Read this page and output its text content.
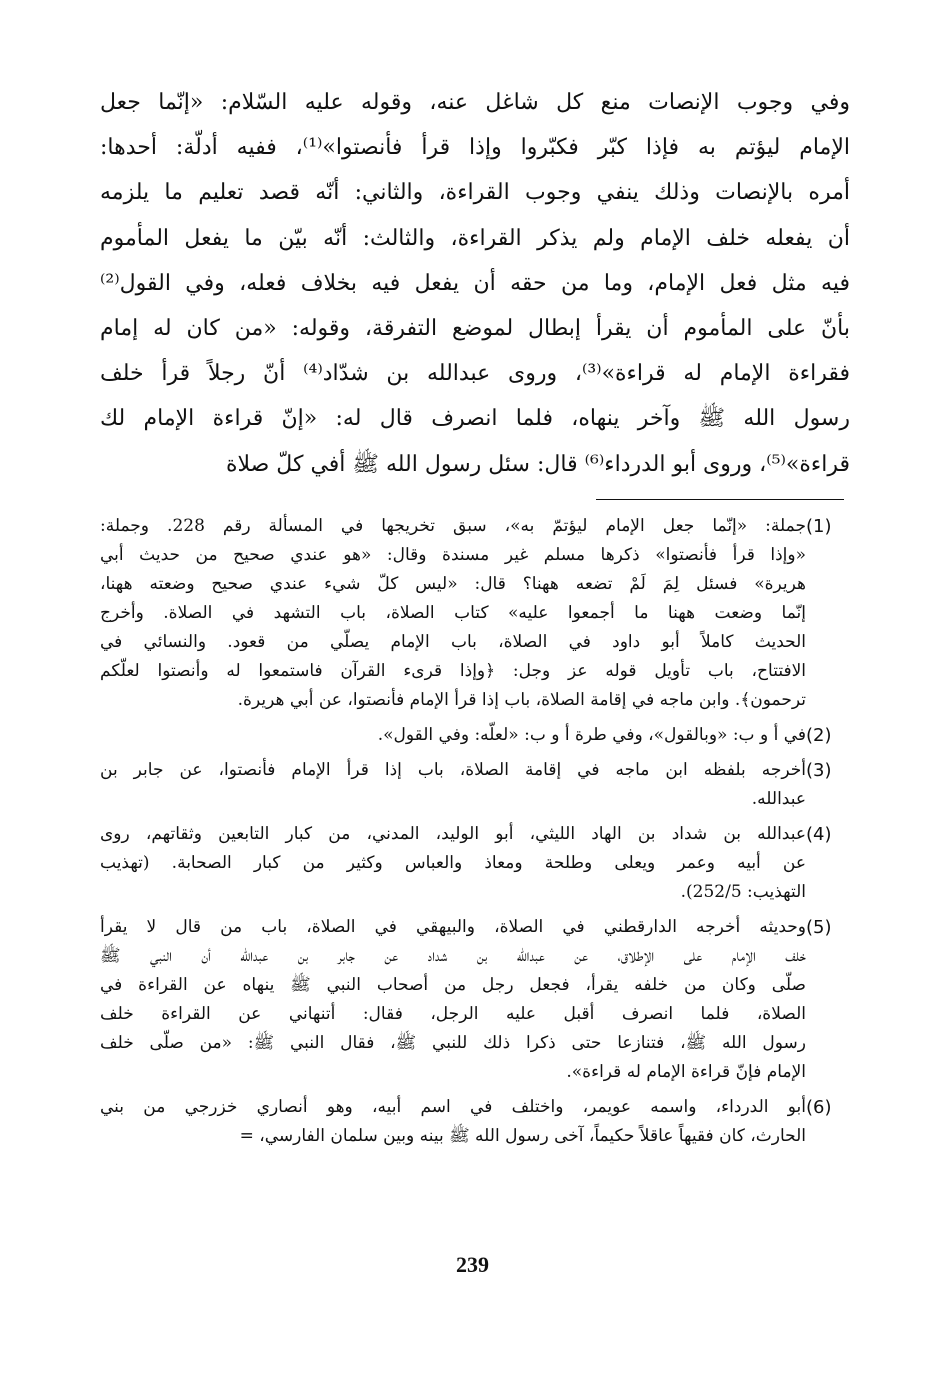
وفي وجوب الإنصات منع كل شاغل عنه، وقوله عليه السّلام: «إنّما جعل
الإمام ليؤتم به فإذا كبّر فكبّروا وإذا قرأ فأنصتوا»⁽¹⁾، ففيه أدلّة: أحدها:
أمره بالإنصات وذلك ينفي وجوب القراءة، والثاني: أنّه قصد تعليم ما يلزمه
أن يفعله خلف الإمام ولم يذكر القراءة، والثالث: أنّه بيّن ما يفعل المأموم
فيه مثل فعل الإمام، وما من حقه أن يفعل فيه بخلاف فعله، وفي القول⁽²⁾
بأنّ على المأموم أن يقرأ إبطال لموضع التفرقة، وقوله: «من كان له إمام
فقراءة الإمام له قراءة»⁽³⁾، وروى عبدالله بن شدّاد⁽⁴⁾ أنّ رجلاً قرأ خلف
رسول الله ﷺ وآخر ينهاه، فلما انصرف قال له: «إنّ قراءة الإمام لك
قراءة»⁽⁵⁾، وروى أبو الدرداء⁽⁶⁾ قال: سئل رسول الله ﷺ أفي كلّ صلاة
(1)
جملة: «إنّما جعل الإمام ليؤتمّ به»، سبق تخريجها في المسألة رقم 228. وجملة:
«وإذا قرأ فأنصتوا» ذكرها مسلم غير مسندة وقال: «هو عندي صحيح من حديث أبي
هريرة» فسئل لِمَ لَمْ تضعه ههنا؟ قال: «ليس كلّ شيء عندي صحيح وضعته ههنا،
إنّما وضعت ههنا ما أجمعوا عليه» كتاب الصلاة، باب التشهد في الصلاة. وأخرج
الحديث كاملاً أبو داود في الصلاة، باب الإمام يصلّي من قعود. والنسائي في
الافتتاح، باب تأويل قوله عز وجل: ﴿وإذا قرىء القرآن فاستمعوا له وأنصتوا لعلّكم
ترحمون﴾. وابن ماجه في إقامة الصلاة، باب إذا قرأ الإمام فأنصتوا، عن أبي هريرة.
(2)
في أ و ب: «وبالقول»، وفي طرة أ و ب: «لعلّه: وفي القول».
(3)
أخرجه بلفظه ابن ماجه في إقامة الصلاة، باب إذا قرأ الإمام فأنصتوا، عن جابر بن
عبدالله.
(4)
عبدالله بن شداد بن الهاد الليثي، أبو الوليد، المدني، من كبار التابعين وثقاتهم، روى
عن أبيه وعمر ويعلى وطلحة ومعاذ والعباس وكثير من كبار الصحابة. (تهذيب
التهذيب: 252/5).
(5)
وحديثه أخرجه الدارقطني في الصلاة، والبيهقي في الصلاة، باب من قال لا يقرأ
خلف الإمام على الإطلاق، عن عبدالله بن شداد عن جابر بن عبدالله أن النبي ﷺ
صلّى وكان من خلفه يقرأ، فجعل رجل من أصحاب النبي ﷺ ينهاه عن القراءة في
الصلاة، فلما انصرف أقبل عليه الرجل، فقال: أتنهاني عن القراءة خلف
رسول الله ﷺ، فتنازعا حتى ذكرا ذلك للنبي ﷺ، فقال النبي ﷺ: «من صلّى خلف
الإمام فإنّ قراءة الإمام له قراءة».
(6)
أبو الدرداء، واسمه عويمر، واختلف في اسم أبيه، وهو أنصاري خزرجي من بني
الحارث، كان فقيهاً عاقلاً حكيماً، آخى رسول الله ﷺ بينه وبين سلمان الفارسي، =
239
